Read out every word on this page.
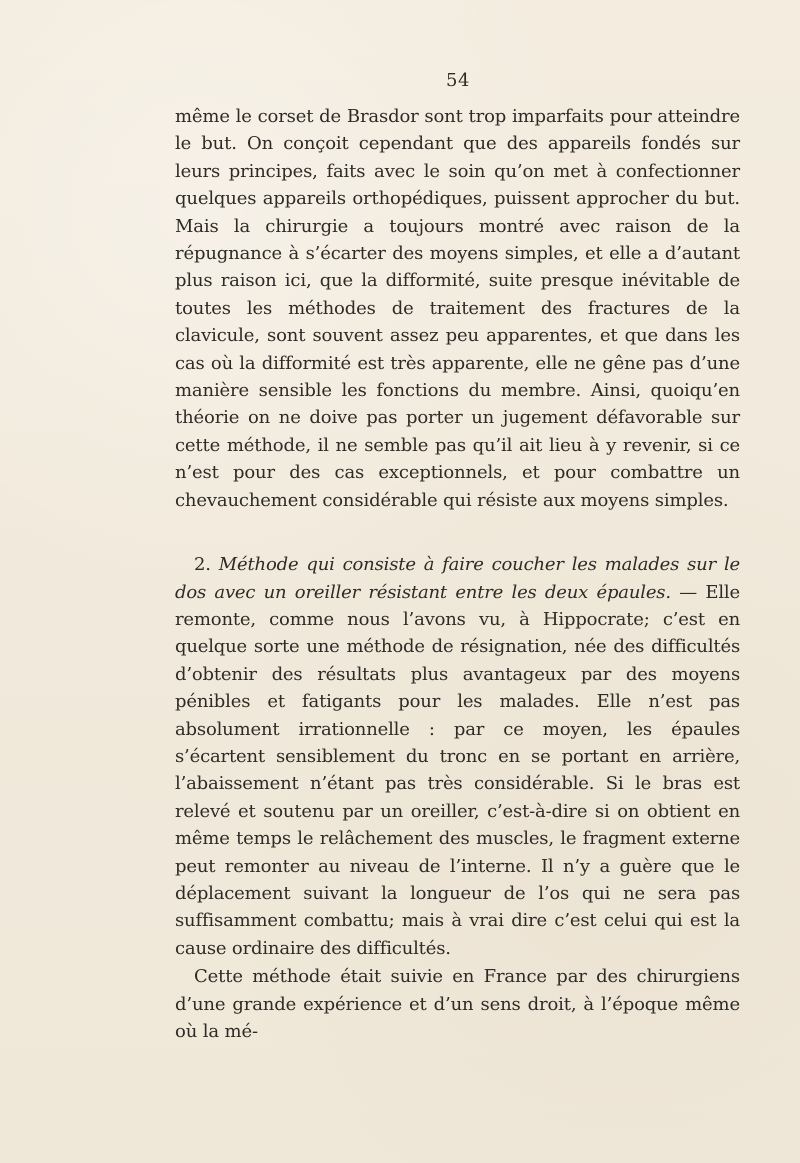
54

même le corset de Brasdor sont trop imparfaits pour atteindre le but. On conçoit cependant que des appareils fondés sur leurs principes, faits avec le soin qu’on met à confectionner quelques appareils orthopédiques, puissent approcher du but. Mais la chirurgie a toujours montré avec raison de la répugnance à s’écarter des moyens simples, et elle a d’autant plus raison ici, que la difformité, suite presque inévitable de toutes les méthodes de traitement des fractures de la clavicule, sont souvent assez peu apparentes, et que dans les cas où la difformité est très apparente, elle ne gêne pas d’une manière sensible les fonctions du membre. Ainsi, quoiqu’en théorie on ne doive pas porter un jugement défavorable sur cette méthode, il ne semble pas qu’il ait lieu à y revenir, si ce n’est pour des cas exceptionnels, et pour combattre un chevauchement considérable qui résiste aux moyens simples.

2. Méthode qui consiste à faire coucher les malades sur le dos avec un oreiller résistant entre les deux épaules. — Elle remonte, comme nous l’avons vu, à Hippocrate; c’est en quelque sorte une méthode de résignation, née des difficultés d’obtenir des résultats plus avantageux par des moyens pénibles et fatigants pour les malades. Elle n’est pas absolument irrationnelle : par ce moyen, les épaules s’écartent sensiblement du tronc en se portant en arrière, l’abaissement n’étant pas très considérable. Si le bras est relevé et soutenu par un oreiller, c’est-à-dire si on obtient en même temps le relâchement des muscles, le fragment externe peut remonter au niveau de l’interne. Il n’y a guère que le déplacement suivant la longueur de l’os qui ne sera pas suffisamment combattu; mais à vrai dire c’est celui qui est la cause ordinaire des difficultés.

Cette méthode était suivie en France par des chirurgiens d’une grande expérience et d’un sens droit, à l’époque même où la mé-
